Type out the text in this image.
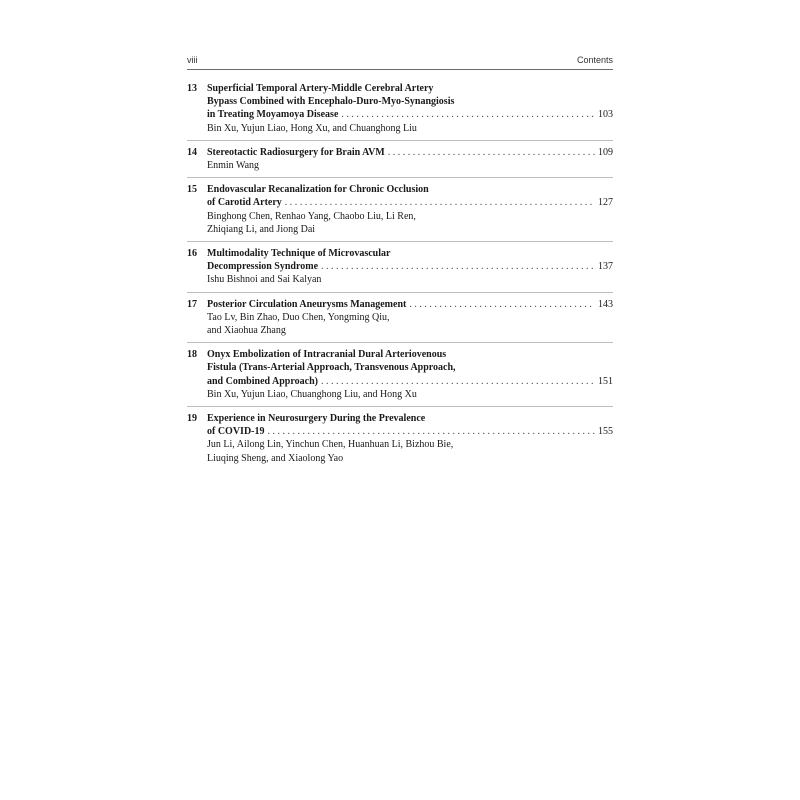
viii	Contents
13 Superficial Temporal Artery-Middle Cerebral Artery
Bypass Combined with Encephalo-Duro-Myo-Synangiosis
in Treating Moyamoya Disease . . .	103
Bin Xu, Yujun Liao, Hong Xu, and Chuanghong Liu
14 Stereotactic Radiosurgery for Brain AVM . . .	109
Enmin Wang
15 Endovascular Recanalization for Chronic Occlusion
of Carotid Artery . . .	127
Binghong Chen, Renhao Yang, Chaobo Liu, Li Ren,
Zhiqiang Li, and Jiong Dai
16 Multimodality Technique of Microvascular
Decompression Syndrome . . .	137
Ishu Bishnoi and Sai Kalyan
17 Posterior Circulation Aneurysms Management . . .	143
Tao Lv, Bin Zhao, Duo Chen, Yongming Qiu,
and Xiaohua Zhang
18 Onyx Embolization of Intracranial Dural Arteriovenous
Fistula (Trans-Arterial Approach, Transvenous Approach,
and Combined Approach) . . .	151
Bin Xu, Yujun Liao, Chuanghong Liu, and Hong Xu
19 Experience in Neurosurgery During the Prevalence
of COVID-19 . . .	155
Jun Li, Ailong Lin, Yinchun Chen, Huanhuan Li, Bizhou Bie,
Liuqing Sheng, and Xiaolong Yao
